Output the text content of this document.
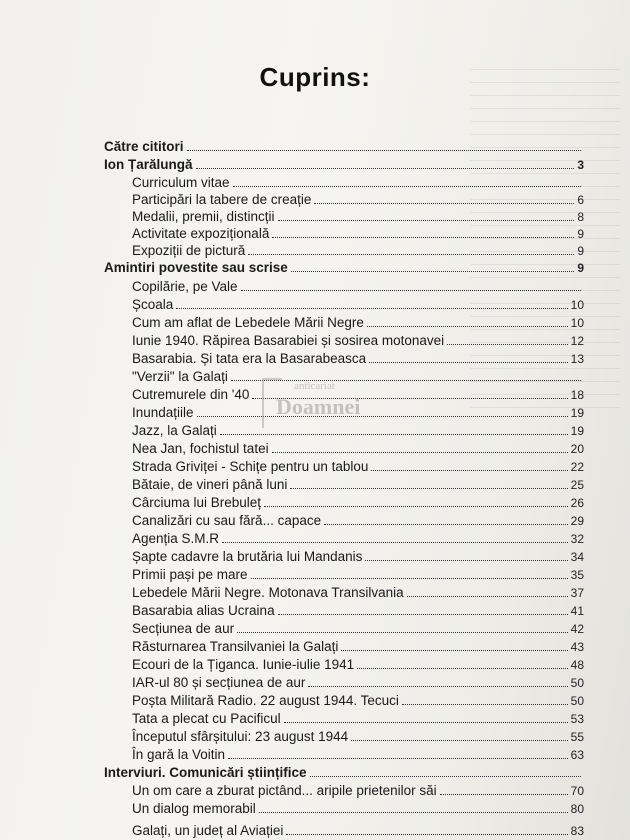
Cuprins:
Către cititori
Ion Țarălungă	3
Curriculum vitae
Participări la tabere de creație	6
Medalii, premii, distincții	8
Activitate expozițională	9
Expoziții de pictură	9
Amintiri povestite sau scrise	9
Copilărie, pe Vale
Școala	10
Cum am aflat de Lebedele Mării Negre	10
Iunie 1940. Răpirea Basarabiei și sosirea motonavei	12
Basarabia. Și tata era la Basarabeasca	13
"Verzii" la Galați
Cutremurele din '40	18
Inundațiile	19
Jazz, la Galați	19
Nea Jan, fochistul tatei	20
Strada Griviței - Schițe pentru un tablou	22
Bătaie, de vineri până luni	25
Cârciuma lui Brebuleț	26
Canalizări cu sau fără... capace	29
Agenția S.M.R	32
Șapte cadavre la brutăria lui Mandanis	34
Primii pași pe mare	35
Lebedele Mării Negre. Motonava Transilvania	37
Basarabia alias Ucraina	41
Secțiunea de aur	42
Răsturnarea Transilvaniei la Galați	43
Ecouri de la Țiganca. Iunie-iulie 1941	48
IAR-ul 80 și secțiunea de aur	50
Poșta Militară Radio. 22 august 1944. Tecuci	50
Tata a plecat cu Pacificul	53
Începutul sfârșitului: 23 august 1944	55
În gară la Voitin	63
Interviuri. Comunicări științifice
Un om care a zburat pictând... aripile prietenilor săi	70
Un dialog memorabil	80
Galați, un județ al Aviației	83
anticariat
Doamnei
